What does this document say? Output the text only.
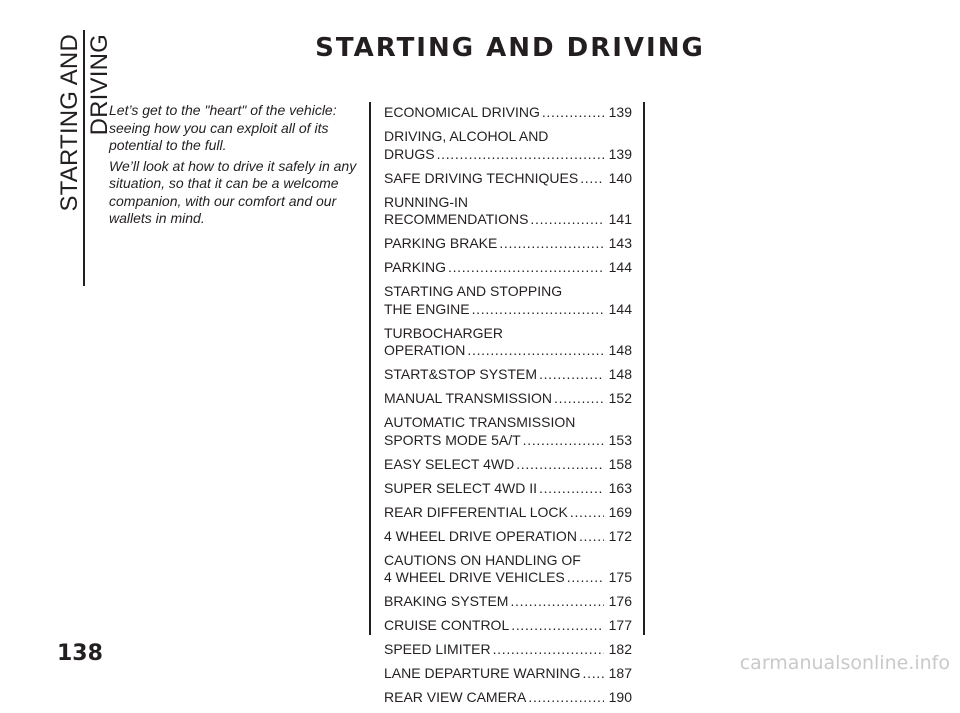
STARTING AND DRIVING	STARTING AND DRIVING

Let’s get to the "heart" of the vehicle: seeing how you can exploit all of its potential to the full.

We’ll look at how to drive it safely in any situation, so that it can be a welcome companion, with our comfort and our wallets in mind.

ECONOMICAL DRIVING . . .	139
DRIVING, ALCOHOL AND
DRUGS . . .	139
SAFE DRIVING TECHNIQUES . . . 140
RUNNING-IN
RECOMMENDATIONS . . .	141
PARKING BRAKE . . .	143
PARKING . . .	144
STARTING AND STOPPING
THE ENGINE . . .	144
TURBOCHARGER
OPERATION . . .	148
START&STOP SYSTEM . . .	148
MANUAL TRANSMISSION . . .	152
AUTOMATIC TRANSMISSION
SPORTS MODE 5A/T . . .	153
EASY SELECT 4WD . . .	158
SUPER SELECT 4WD II . . .	163
REAR DIFFERENTIAL LOCK . . .	169
4 WHEEL DRIVE OPERATION . . . 172
CAUTIONS ON HANDLING OF
4 WHEEL DRIVE VEHICLES . . .	175
BRAKING SYSTEM . . .	176
CRUISE CONTROL . . .	177
SPEED LIMITER . . .	182
LANE DEPARTURE WARNING . . . 187
REAR VIEW CAMERA . . .	190
138	carmanualsonline.info
